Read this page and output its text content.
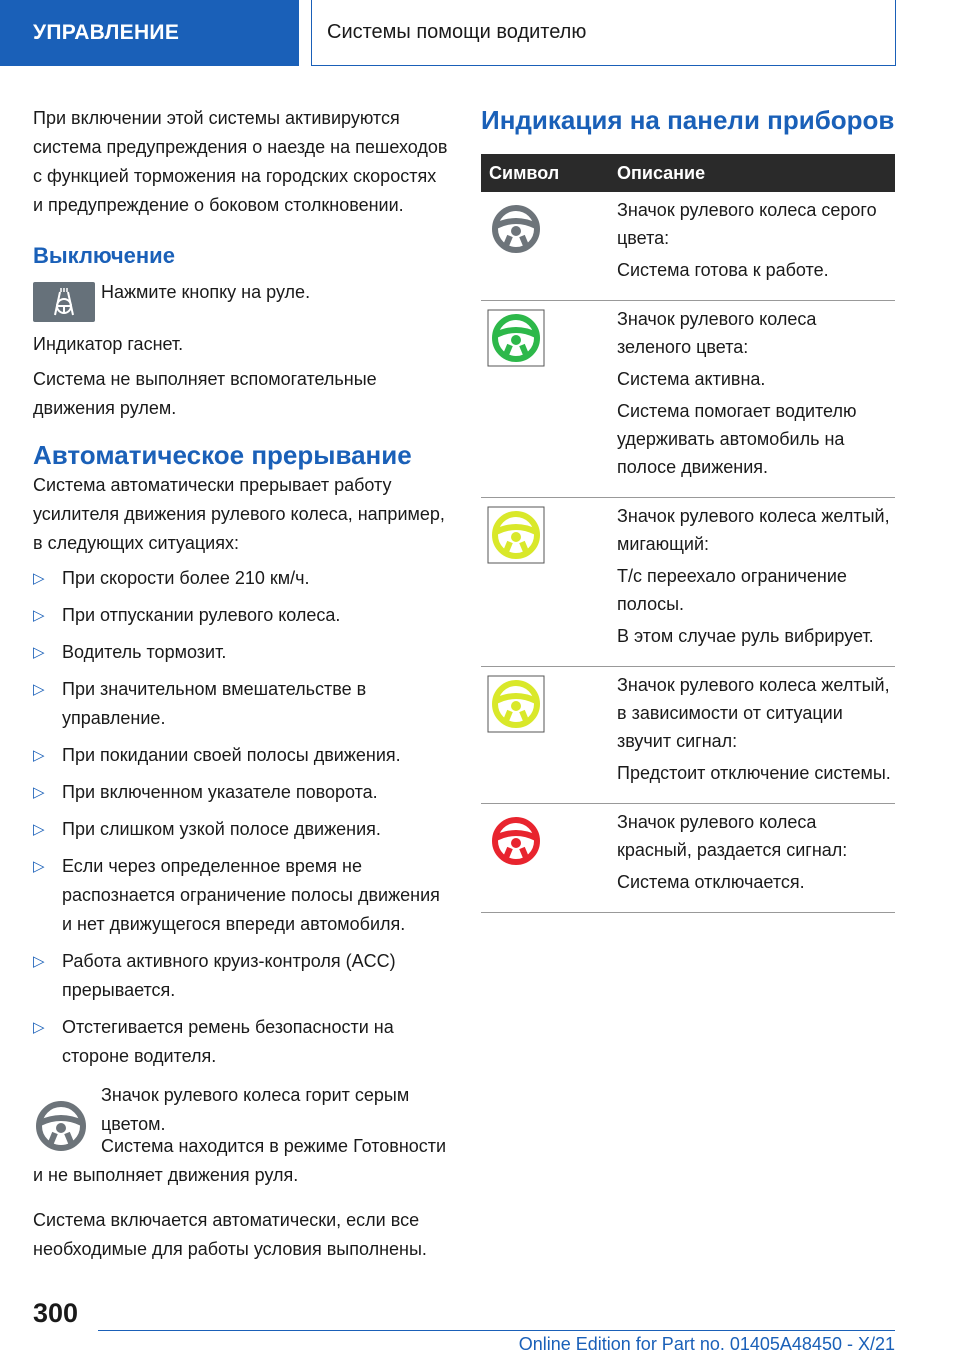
УПРАВЛЕНИЕ	Системы помощи водителю

При включении этой системы активируются система предупреждения о наезде на пешеходов с функцией торможения на городских скоростях и предупреждение о боковом столкновении.

Выключение

Нажмите кнопку на руле.

Индикатор гаснет.

Система не выполняет вспомогательные движения рулем.

Автоматическое прерывание

Система автоматически прерывает работу усилителя движения рулевого колеса, например, в следующих ситуациях:

▷ При скорости более 210 км/ч.
▷ При отпускании рулевого колеса.
▷ Водитель тормозит.
▷ При значительном вмешательстве в управление.
▷ При покидании своей полосы движения.
▷ При включенном указателе поворота.
▷ При слишком узкой полосе движения.
▷ Если через определенное время не распознается ограничение полосы движения и нет движущегося впереди автомобиля.
▷ Работа активного круиз-контроля (ACC) прерывается.
▷ Отстегивается ремень безопасности на стороне водителя.

Значок рулевого колеса горит серым цветом.

Система находится в режиме Готовности и не выполняет движения руля.

Система включается автоматически, если все необходимые для работы условия выполнены.

Индикация на панели приборов
Символ	Описание

Значок рулевого колеса серого цвета:
Система готова к работе.

Значок рулевого колеса зеленого цвета:
Система активна.
Система помогает водителю удерживать автомобиль на полосе движения.

Значок рулевого колеса желтый, мигающий:
Т/с переехало ограничение полосы.
В этом случае руль вибрирует.

Значок рулевого колеса желтый, в зависимости от ситуации звучит сигнал:
Предстоит отключение системы.

Значок рулевого колеса красный, раздается сигнал:
Система отключается.
300
Online Edition for Part no. 01405A48450 - X/21
